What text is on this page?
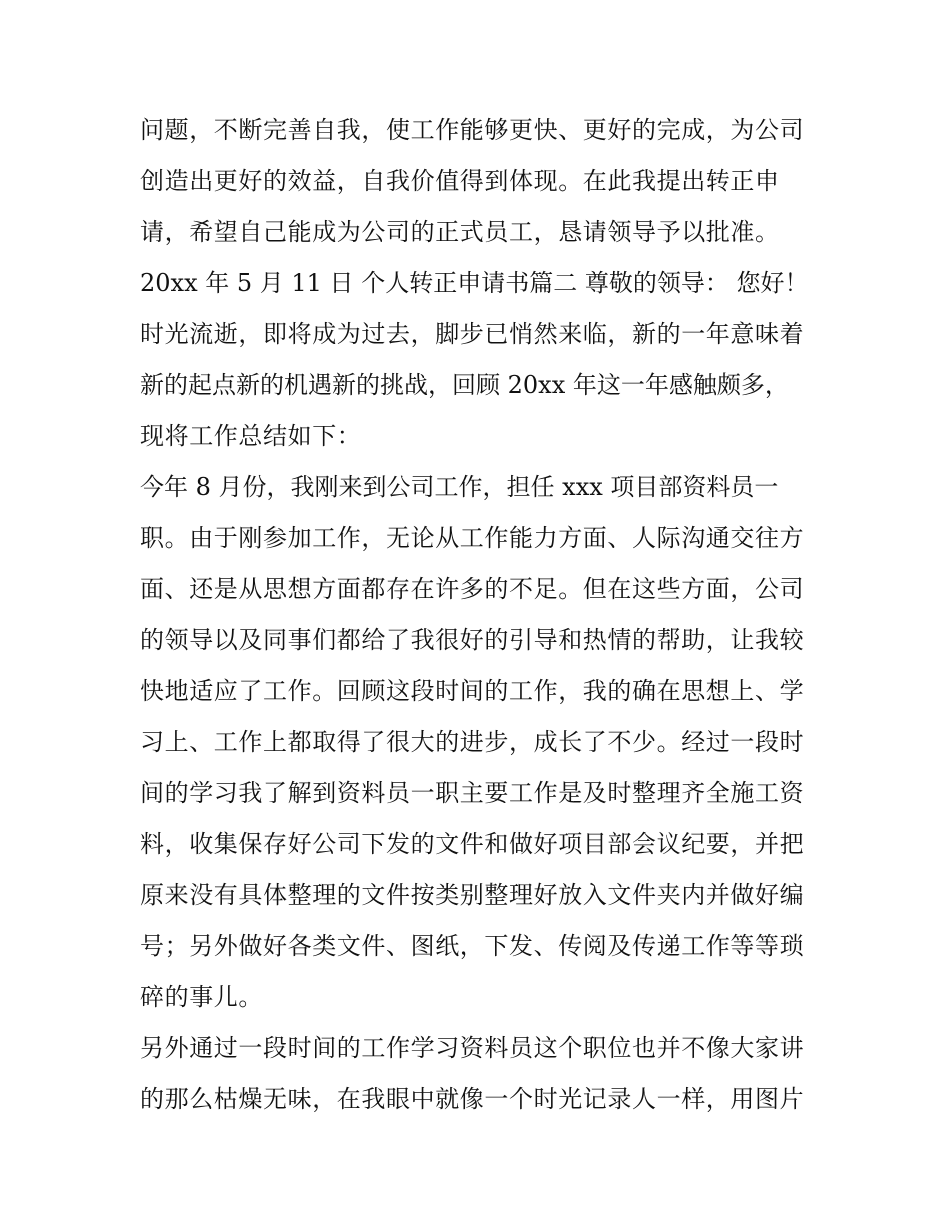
问题，不断完善自我，使工作能够更快、更好的完成，为公司
创造出更好的效益，自我价值得到体现。在此我提出转正申
请，希望自己能成为公司的正式员工，恳请领导予以批准。
20xx 年 5 月 11 日 个人转正申请书篇二 尊敬的领导： 您好！
时光流逝，即将成为过去，脚步已悄然来临，新的一年意味着
新的起点新的机遇新的挑战，回顾 20xx 年这一年感触颇多，
现将工作总结如下：
今年 8 月份，我刚来到公司工作，担任 xxx 项目部资料员一
职。由于刚参加工作，无论从工作能力方面、人际沟通交往方
面、还是从思想方面都存在许多的不足。但在这些方面，公司
的领导以及同事们都给了我很好的引导和热情的帮助，让我较
快地适应了工作。回顾这段时间的工作，我的确在思想上、学
习上、工作上都取得了很大的进步，成长了不少。经过一段时
间的学习我了解到资料员一职主要工作是及时整理齐全施工资
料，收集保存好公司下发的文件和做好项目部会议纪要，并把
原来没有具体整理的文件按类别整理好放入文件夹内并做好编
号；另外做好各类文件、图纸，下发、传阅及传递工作等等琐
碎的事儿。
另外通过一段时间的工作学习资料员这个职位也并不像大家讲
的那么枯燥无味，在我眼中就像一个时光记录人一样，用图片
